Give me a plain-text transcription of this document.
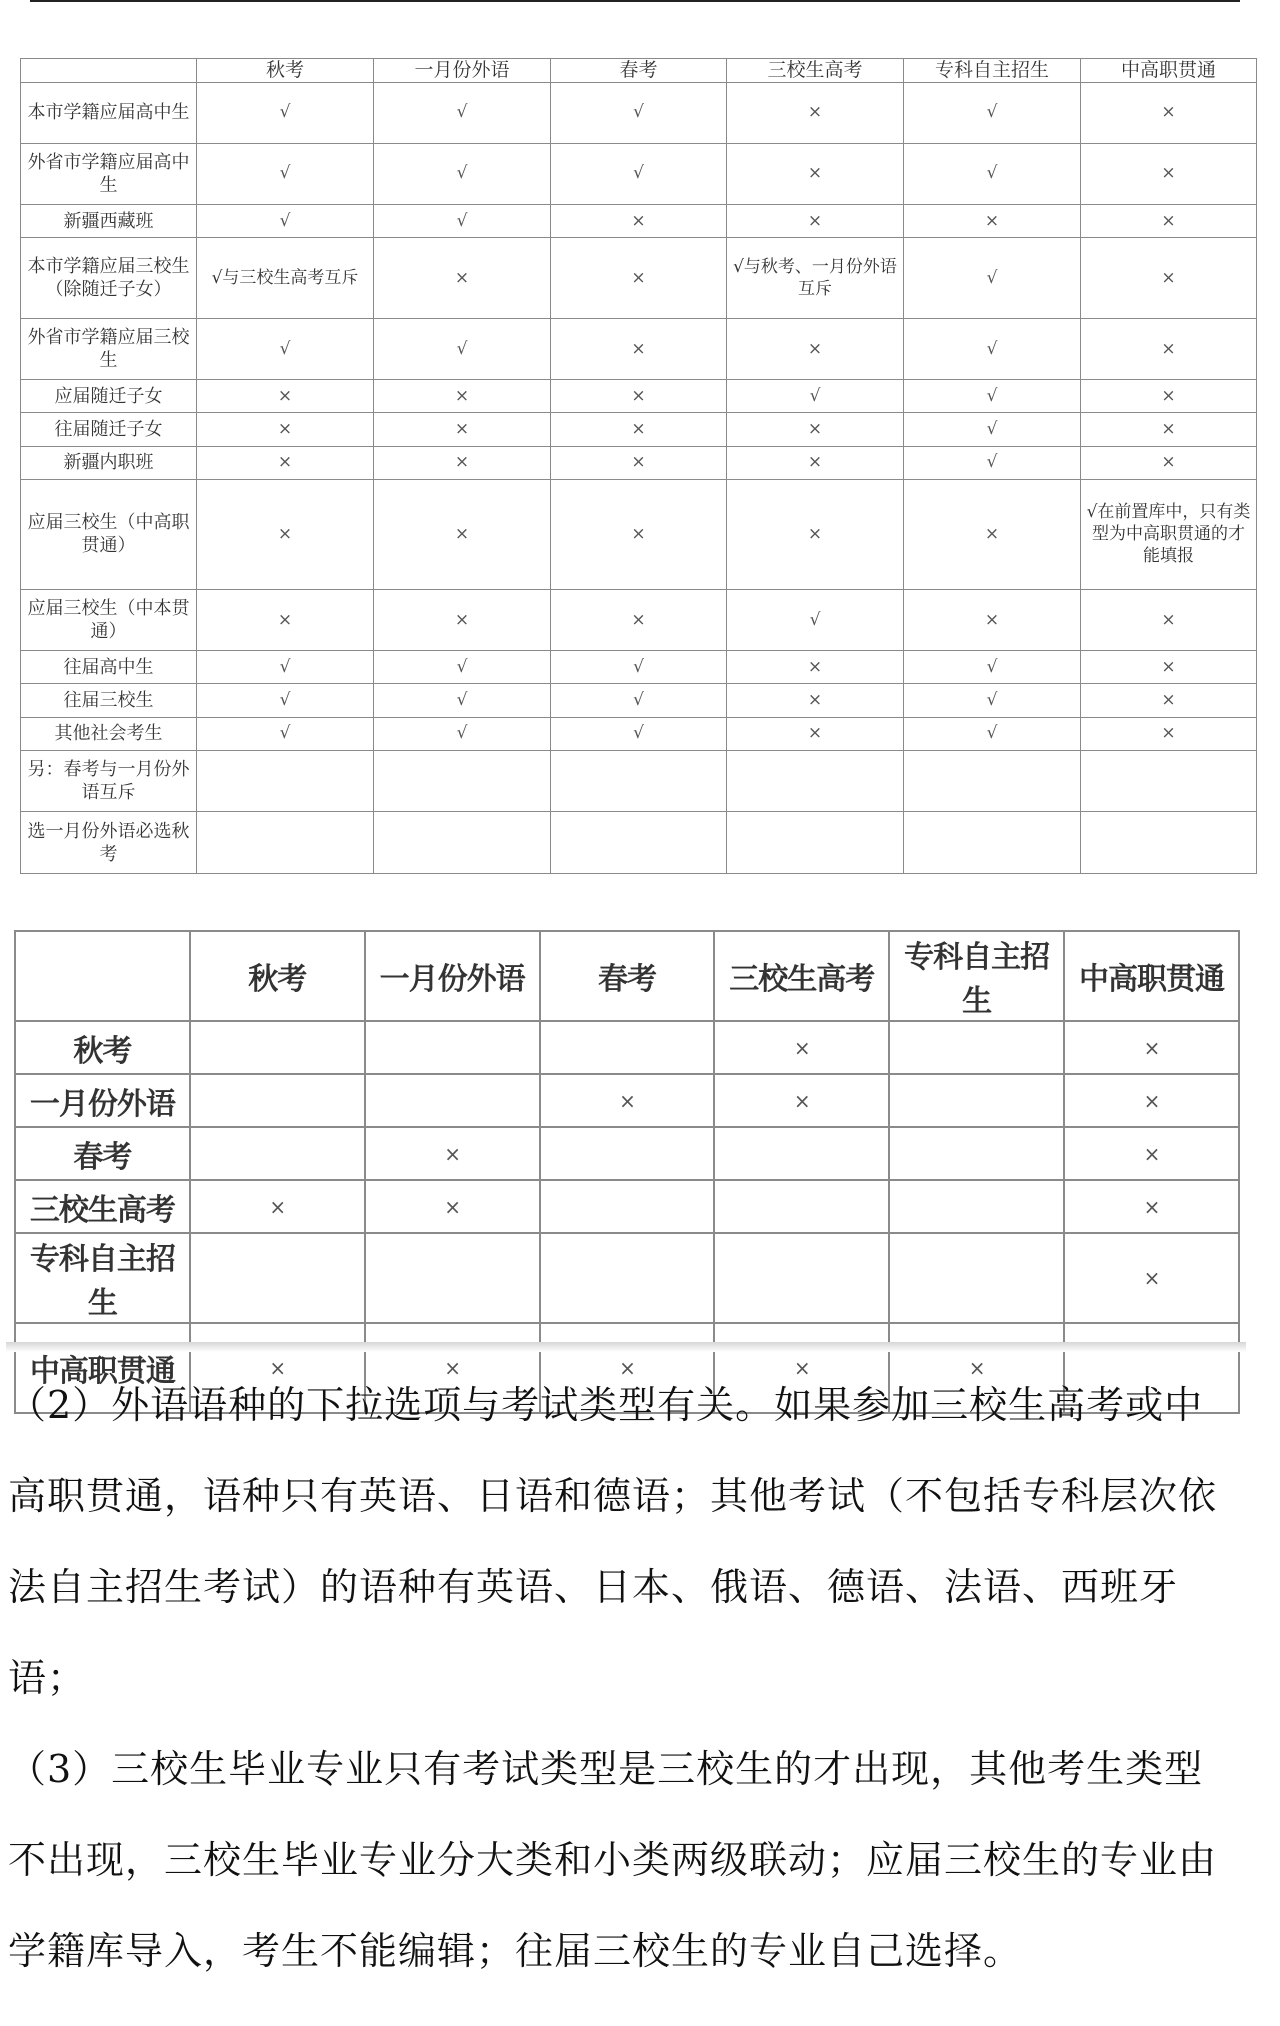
	秋考	一月份外语	春考	三校生高考	专科自主招生	中高职贯通
本市学籍应届高中生	√	√	√	×	√	×
外省市学籍应届高中生	√	√	√	×	√	×
新疆西藏班	√	√	×	×	×	×
本市学籍应届三校生（除随迁子女）	√与三校生高考互斥	×	×	√与秋考、一月份外语互斥	√	×
外省市学籍应届三校生	√	√	×	×	√	×
应届随迁子女	×	×	×	√	√	×
往届随迁子女	×	×	×	×	√	×
新疆内职班	×	×	×	×	√	×
应届三校生（中高职贯通）	×	×	×	×	×	√在前置库中，只有类型为中高职贯通的才能填报
应届三校生（中本贯通）	×	×	×	√	×	×
往届高中生	√	√	√	×	√	×
往届三校生	√	√	√	×	√	×
其他社会考生	√	√	√	×	√	×
另：春考与一月份外语互斥						
选一月份外语必选秋考						
	秋考	一月份外语	春考	三校生高考	专科自主招生	中高职贯通
秋考				×		×
一月份外语			×	×		×
春考		×				×
三校生高考	×	×				×
专科自主招生						×
中高职贯通	×	×	×	×	×	

（2）外语语种的下拉选项与考试类型有关。如果参加三校生高考或中高职贯通，语种只有英语、日语和德语；其他考试（不包括专科层次依法自主招生考试）的语种有英语、日本、俄语、德语、法语、西班牙语；

（3）三校生毕业专业只有考试类型是三校生的才出现，其他考生类型不出现，三校生毕业专业分大类和小类两级联动；应届三校生的专业由学籍库导入，考生不能编辑；往届三校生的专业自己选择。
